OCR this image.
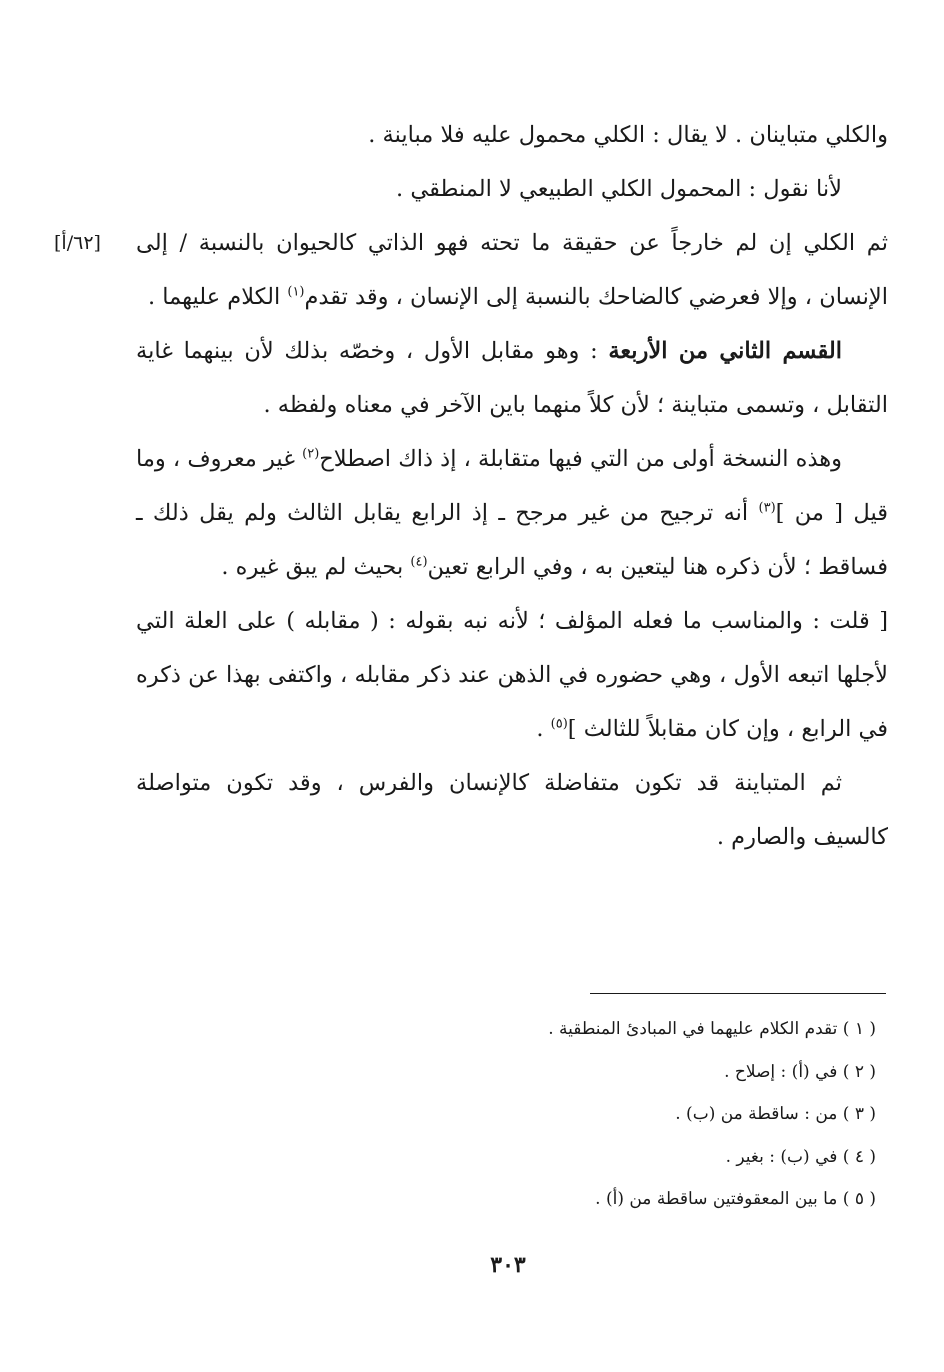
والكلي متباينان . لا يقال : الكلي محمول عليه فلا مباينة .

لأنا نقول : المحمول الكلي الطبيعي لا المنطقي .

[٦٢/أ] ثم الكلي إن لم خارجاً عن حقيقة ما تحته فهو الذاتي كالحيوان بالنسبة / إلى الإنسان ، وإلا فعرضي كالضاحك بالنسبة إلى الإنسان ، وقد تقدم$^{(١)}$ الكلام عليهما .

القسم الثاني من الأربعة : وهو مقابل الأول ، وخصّه بذلك لأن بينهما غاية التقابل ، وتسمى متباينة ؛ لأن كلاً منهما باين الآخر في معناه ولفظه .

وهذه النسخة أولى من التي فيها متقابلة ، إذ ذاك اصطلاح$^{(٢)}$ غير معروف ، وما قيل [ من ]$^{(٣)}$ أنه ترجيح من غير مرجح ـ إذ الرابع يقابل الثالث ولم يقل ذلك ـ فساقط ؛ لأن ذكره هنا ليتعين به ، وفي الرابع تعين$^{(٤)}$ بحيث لم يبق غيره .

[ قلت : والمناسب ما فعله المؤلف ؛ لأنه نبه بقوله : ( مقابله ) على العلة التي لأجلها اتبعه الأول ، وهي حضوره في الذهن عند ذكر مقابله ، واكتفى بهذا عن ذكره في الرابع ، وإن كان مقابلاً للثالث ]$^{(٥)}$ .

ثم المتباينة قد تكون متفاضلة كالإنسان والفرس ، وقد تكون متواصلة كالسيف والصارم .

( ١ ) تقدم الكلام عليهما في المبادئ المنطقية .
( ٢ ) في (أ) : إصلاح .
( ٣ ) من : ساقطة من (ب) .
( ٤ ) في (ب) : بغير .
( ٥ ) ما بين المعقوفتين ساقطة من (أ) .
٣٠٣
